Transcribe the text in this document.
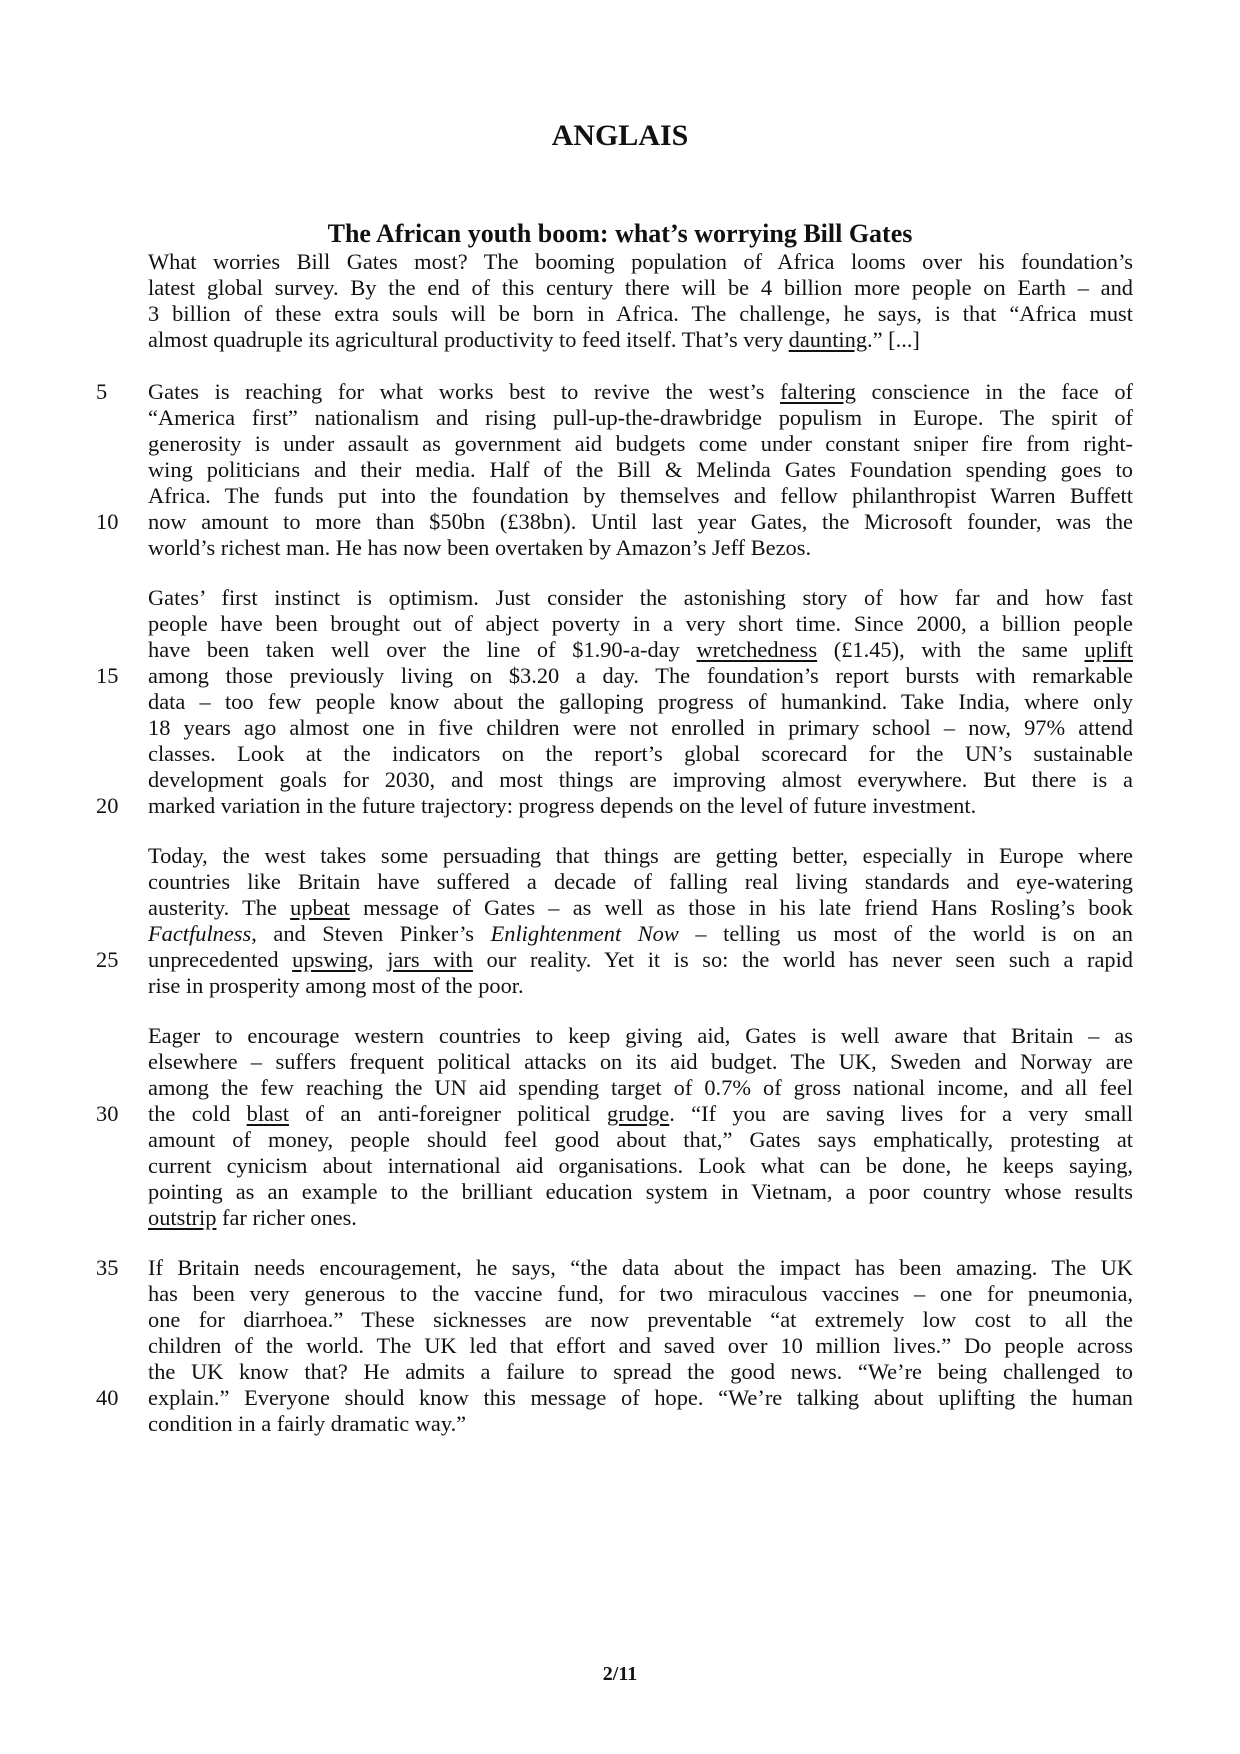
ANGLAIS
The African youth boom: what’s worrying Bill Gates
What worries Bill Gates most? The booming population of Africa looms over his foundation’s
latest global survey. By the end of this century there will be 4 billion more people on Earth – and
3 billion of these extra souls will be born in Africa. The challenge, he says, is that “Africa must
almost quadruple its agricultural productivity to feed itself. That’s very daunting.” [...]
5	Gates is reaching for what works best to revive the west’s faltering conscience in the face of
“America first” nationalism and rising pull-up-the-drawbridge populism in Europe. The spirit of
generosity is under assault as government aid budgets come under constant sniper fire from right-
wing politicians and their media. Half of the Bill & Melinda Gates Foundation spending goes to
Africa. The funds put into the foundation by themselves and fellow philanthropist Warren Buffett
10	now amount to more than $50bn (£38bn). Until last year Gates, the Microsoft founder, was the
world’s richest man. He has now been overtaken by Amazon’s Jeff Bezos.
Gates’ first instinct is optimism. Just consider the astonishing story of how far and how fast
people have been brought out of abject poverty in a very short time. Since 2000, a billion people
have been taken well over the line of $1.90-a-day wretchedness (£1.45), with the same uplift
15	among those previously living on $3.20 a day. The foundation’s report bursts with remarkable
data – too few people know about the galloping progress of humankind. Take India, where only
18 years ago almost one in five children were not enrolled in primary school – now, 97% attend
classes. Look at the indicators on the report’s global scorecard for the UN’s sustainable
development goals for 2030, and most things are improving almost everywhere. But there is a
20	marked variation in the future trajectory: progress depends on the level of future investment.
Today, the west takes some persuading that things are getting better, especially in Europe where
countries like Britain have suffered a decade of falling real living standards and eye-watering
austerity. The upbeat message of Gates – as well as those in his late friend Hans Rosling’s book
Factfulness, and Steven Pinker’s Enlightenment Now – telling us most of the world is on an
25	unprecedented upswing, jars with our reality. Yet it is so: the world has never seen such a rapid
rise in prosperity among most of the poor.
Eager to encourage western countries to keep giving aid, Gates is well aware that Britain – as
elsewhere – suffers frequent political attacks on its aid budget. The UK, Sweden and Norway are
among the few reaching the UN aid spending target of 0.7% of gross national income, and all feel
30	the cold blast of an anti-foreigner political grudge. “If you are saving lives for a very small
amount of money, people should feel good about that,” Gates says emphatically, protesting at
current cynicism about international aid organisations. Look what can be done, he keeps saying,
pointing as an example to the brilliant education system in Vietnam, a poor country whose results
outstrip far richer ones.
35	If Britain needs encouragement, he says, “the data about the impact has been amazing. The UK
has been very generous to the vaccine fund, for two miraculous vaccines – one for pneumonia,
one for diarrhoea.” These sicknesses are now preventable “at extremely low cost to all the
children of the world. The UK led that effort and saved over 10 million lives.” Do people across
the UK know that? He admits a failure to spread the good news. “We’re being challenged to
40	explain.” Everyone should know this message of hope. “We’re talking about uplifting the human
condition in a fairly dramatic way.”
2/11
